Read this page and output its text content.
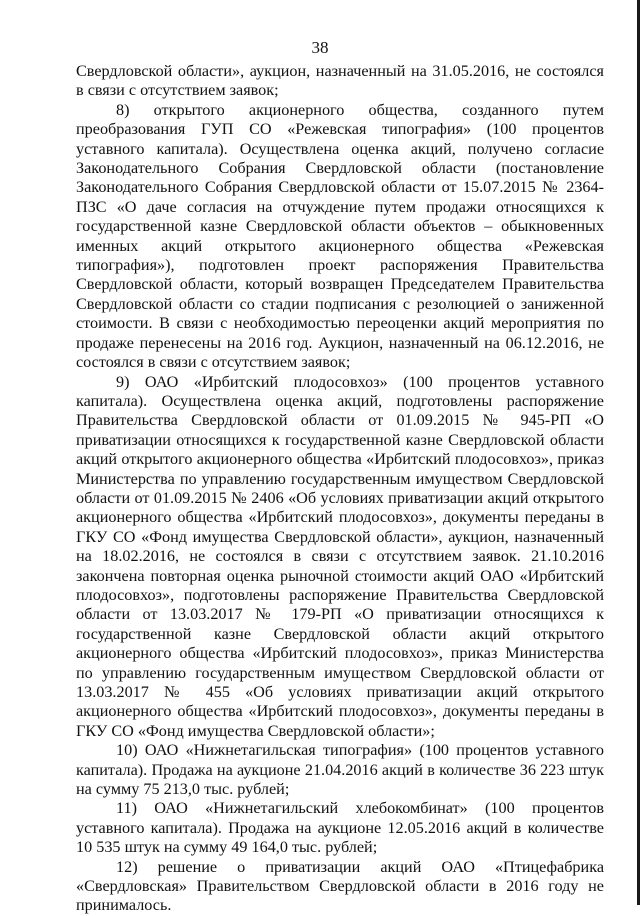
38

Свердловской области», аукцион, назначенный на 31.05.2016, не состоялся в связи с отсутствием заявок;

8) открытого акционерного общества, созданного путем преобразования ГУП СО «Режевская типография» (100 процентов уставного капитала). Осуществлена оценка акций, получено согласие Законодательного Собрания Свердловской области (постановление Законодательного Собрания Свердловской области от 15.07.2015 № 2364-ПЗС «О даче согласия на отчуждение путем продажи относящихся к государственной казне Свердловской области объектов – обыкновенных именных акций открытого акционерного общества «Режевская типография»), подготовлен проект распоряжения Правительства Свердловской области, который возвращен Председателем Правительства Свердловской области со стадии подписания с резолюцией о заниженной стоимости. В связи с необходимостью переоценки акций мероприятия по продаже перенесены на 2016 год. Аукцион, назначенный на 06.12.2016, не состоялся в связи с отсутствием заявок;

9) ОАО «Ирбитский плодосовхоз» (100 процентов уставного капитала). Осуществлена оценка акций, подготовлены распоряжение Правительства Свердловской области от 01.09.2015 № 945-РП «О приватизации относящихся к государственной казне Свердловской области акций открытого акционерного общества «Ирбитский плодосовхоз», приказ Министерства по управлению государственным имуществом Свердловской области от 01.09.2015 № 2406 «Об условиях приватизации акций открытого акционерного общества «Ирбитский плодосовхоз», документы переданы в ГКУ СО «Фонд имущества Свердловской области», аукцион, назначенный на 18.02.2016, не состоялся в связи с отсутствием заявок. 21.10.2016 закончена повторная оценка рыночной стоимости акций ОАО «Ирбитский плодосовхоз», подготовлены распоряжение Правительства Свердловской области от 13.03.2017 № 179-РП «О приватизации относящихся к государственной казне Свердловской области акций открытого акционерного общества «Ирбитский плодосовхоз», приказ Министерства по управлению государственным имуществом Свердловской области от 13.03.2017 № 455 «Об условиях приватизации акций открытого акционерного общества «Ирбитский плодосовхоз», документы переданы в ГКУ СО «Фонд имущества Свердловской области»;

10) ОАО «Нижнетагильская типография» (100 процентов уставного капитала). Продажа на аукционе 21.04.2016 акций в количестве 36 223 штук на сумму 75 213,0 тыс. рублей;

11) ОАО «Нижнетагильский хлебокомбинат» (100 процентов уставного капитала). Продажа на аукционе 12.05.2016 акций в количестве 10 535 штук на сумму 49 164,0 тыс. рублей;

12) решение о приватизации акций ОАО «Птицефабрика «Свердловская» Правительством Свердловской области в 2016 году не принималось.
